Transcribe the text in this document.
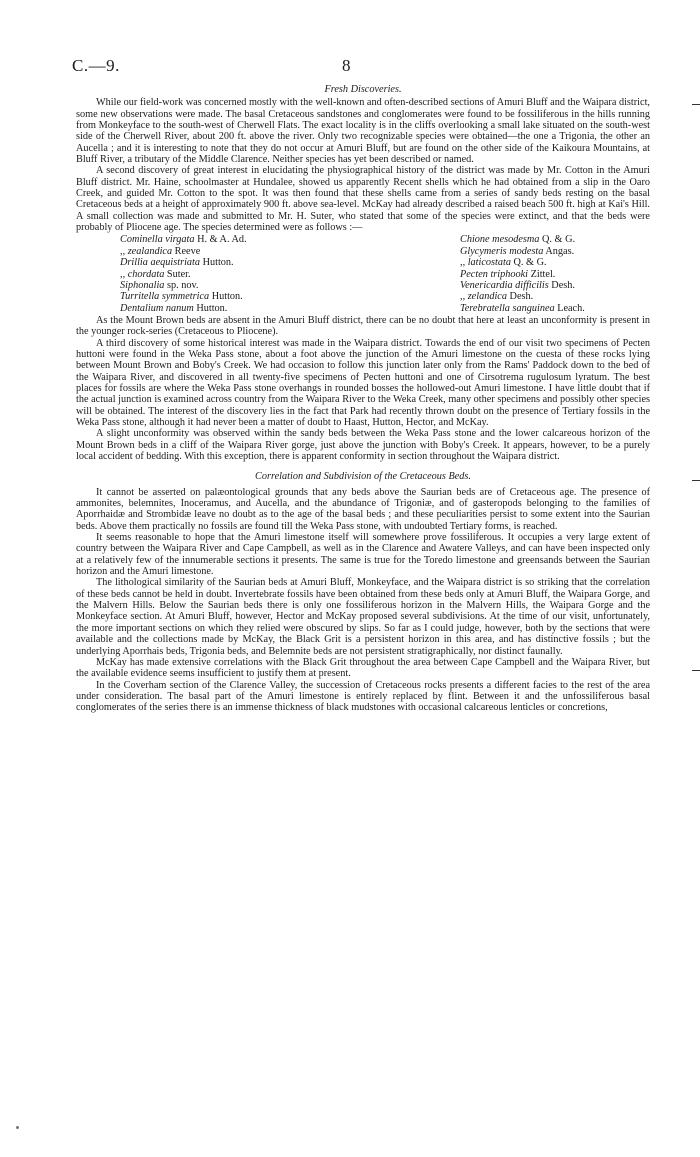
C.—9.	8
Fresh Discoveries.

While our field-work was concerned mostly with the well-known and often-described sections of Amuri Bluff and the Waipara district, some new observations were made. The basal Cretaceous sandstones and conglomerates were found to be fossiliferous in the hills running from Monkeyface to the south-west of Cherwell Flats. The exact locality is in the cliffs overlooking a small lake situated on the south-west side of the Cherwell River, about 200 ft. above the river. Only two recognizable species were obtained—the one a Trigonia, the other an Aucella ; and it is interesting to note that they do not occur at Amuri Bluff, but are found on the other side of the Kaikoura Mountains, at Bluff River, a tributary of the Middle Clarence. Neither species has yet been described or named.

A second discovery of great interest in elucidating the physiographical history of the district was made by Mr. Cotton in the Amuri Bluff district. Mr. Haine, schoolmaster at Hundalee, showed us apparently Recent shells which he had obtained from a slip in the Oaro Creek, and guided Mr. Cotton to the spot. It was then found that these shells came from a series of sandy beds resting on the basal Cretaceous beds at a height of approximately 900 ft. above sea-level. McKay had already described a raised beach 500 ft. high at Kai's Hill. A small collection was made and submitted to Mr. H. Suter, who stated that some of the species were extinct, and that the beds were probably of Pliocene age. The species determined were as follows :—

Cominella virgata H. & A. Ad.
,, zealandica Reeve
Drillia aequistriata Hutton.
,, chordata Suter.
Siphonalia sp. nov.
Turritella symmetrica Hutton.
Dentalium nanum Hutton.
Chione mesodesma Q. & G.
Glycymeris modesta Angas.
,, laticostata Q. & G.
Pecten triphooki Zittel.
Venericardia difficilis Desh.
,, zelandica Desh.
Terebratella sanguinea Leach.

As the Mount Brown beds are absent in the Amuri Bluff district, there can be no doubt that here at least an unconformity is present in the younger rock-series (Cretaceous to Pliocene).

A third discovery of some historical interest was made in the Waipara district. Towards the end of our visit two specimens of Pecten huttoni were found in the Weka Pass stone, about a foot above the junction of the Amuri limestone on the cuesta of these rocks lying between Mount Brown and Boby's Creek. We had occasion to follow this junction later only from the Rams' Paddock down to the bed of the Waipara River, and discovered in all twenty-five specimens of Pecten huttoni and one of Cirsotrema rugulosum lyratum. The best places for fossils are where the Weka Pass stone overhangs in rounded bosses the hollowed-out Amuri limestone. I have little doubt that if the actual junction is examined across country from the Waipara River to the Weka Creek, many other specimens and possibly other species will be obtained. The interest of the discovery lies in the fact that Park had recently thrown doubt on the presence of Tertiary fossils in the Weka Pass stone, although it had never been a matter of doubt to Haast, Hutton, Hector, and McKay.

A slight unconformity was observed within the sandy beds between the Weka Pass stone and the lower calcareous horizon of the Mount Brown beds in a cliff of the Waipara River gorge, just above the junction with Boby's Creek. It appears, however, to be a purely local accident of bedding. With this exception, there is apparent conformity in section throughout the Waipara district.

Correlation and Subdivision of the Cretaceous Beds.

It cannot be asserted on palæontological grounds that any beds above the Saurian beds are of Cretaceous age. The presence of ammonites, belemnites, Inoceramus, and Aucella, and the abundance of Trigoniæ, and of gasteropods belonging to the families of Aporrhaidæ and Strombidæ leave no doubt as to the age of the basal beds ; and these peculiarities persist to some extent into the Saurian beds. Above them practically no fossils are found till the Weka Pass stone, with undoubted Tertiary forms, is reached.

It seems reasonable to hope that the Amuri limestone itself will somewhere prove fossiliferous. It occupies a very large extent of country between the Waipara River and Cape Campbell, as well as in the Clarence and Awatere Valleys, and can have been inspected only at a relatively few of the innumerable sections it presents. The same is true for the Toredo limestone and greensands between the Saurian horizon and the Amuri limestone.

The lithological similarity of the Saurian beds at Amuri Bluff, Monkeyface, and the Waipara district is so striking that the correlation of these beds cannot be held in doubt. Invertebrate fossils have been obtained from these beds only at Amuri Bluff, the Waipara Gorge, and the Malvern Hills. Below the Saurian beds there is only one fossiliferous horizon in the Malvern Hills, the Waipara Gorge and the Monkeyface section. At Amuri Bluff, however, Hector and McKay proposed several subdivisions. At the time of our visit, unfortunately, the more important sections on which they relied were obscured by slips. So far as I could judge, however, both by the sections that were available and the collections made by McKay, the Black Grit is a persistent horizon in this area, and has distinctive fossils ; but the underlying Aporrhais beds, Trigonia beds, and Belemnite beds are not persistent stratigraphically, nor distinct faunally.

McKay has made extensive correlations with the Black Grit throughout the area between Cape Campbell and the Waipara River, but the available evidence seems insufficient to justify them at present.

In the Coverham section of the Clarence Valley, the succession of Cretaceous rocks presents a different facies to the rest of the area under consideration. The basal part of the Amuri limestone is entirely replaced by flint. Between it and the unfossiliferous basal conglomerates of the series there is an immense thickness of black mudstones with occasional calcareous lenticles or concretions,
